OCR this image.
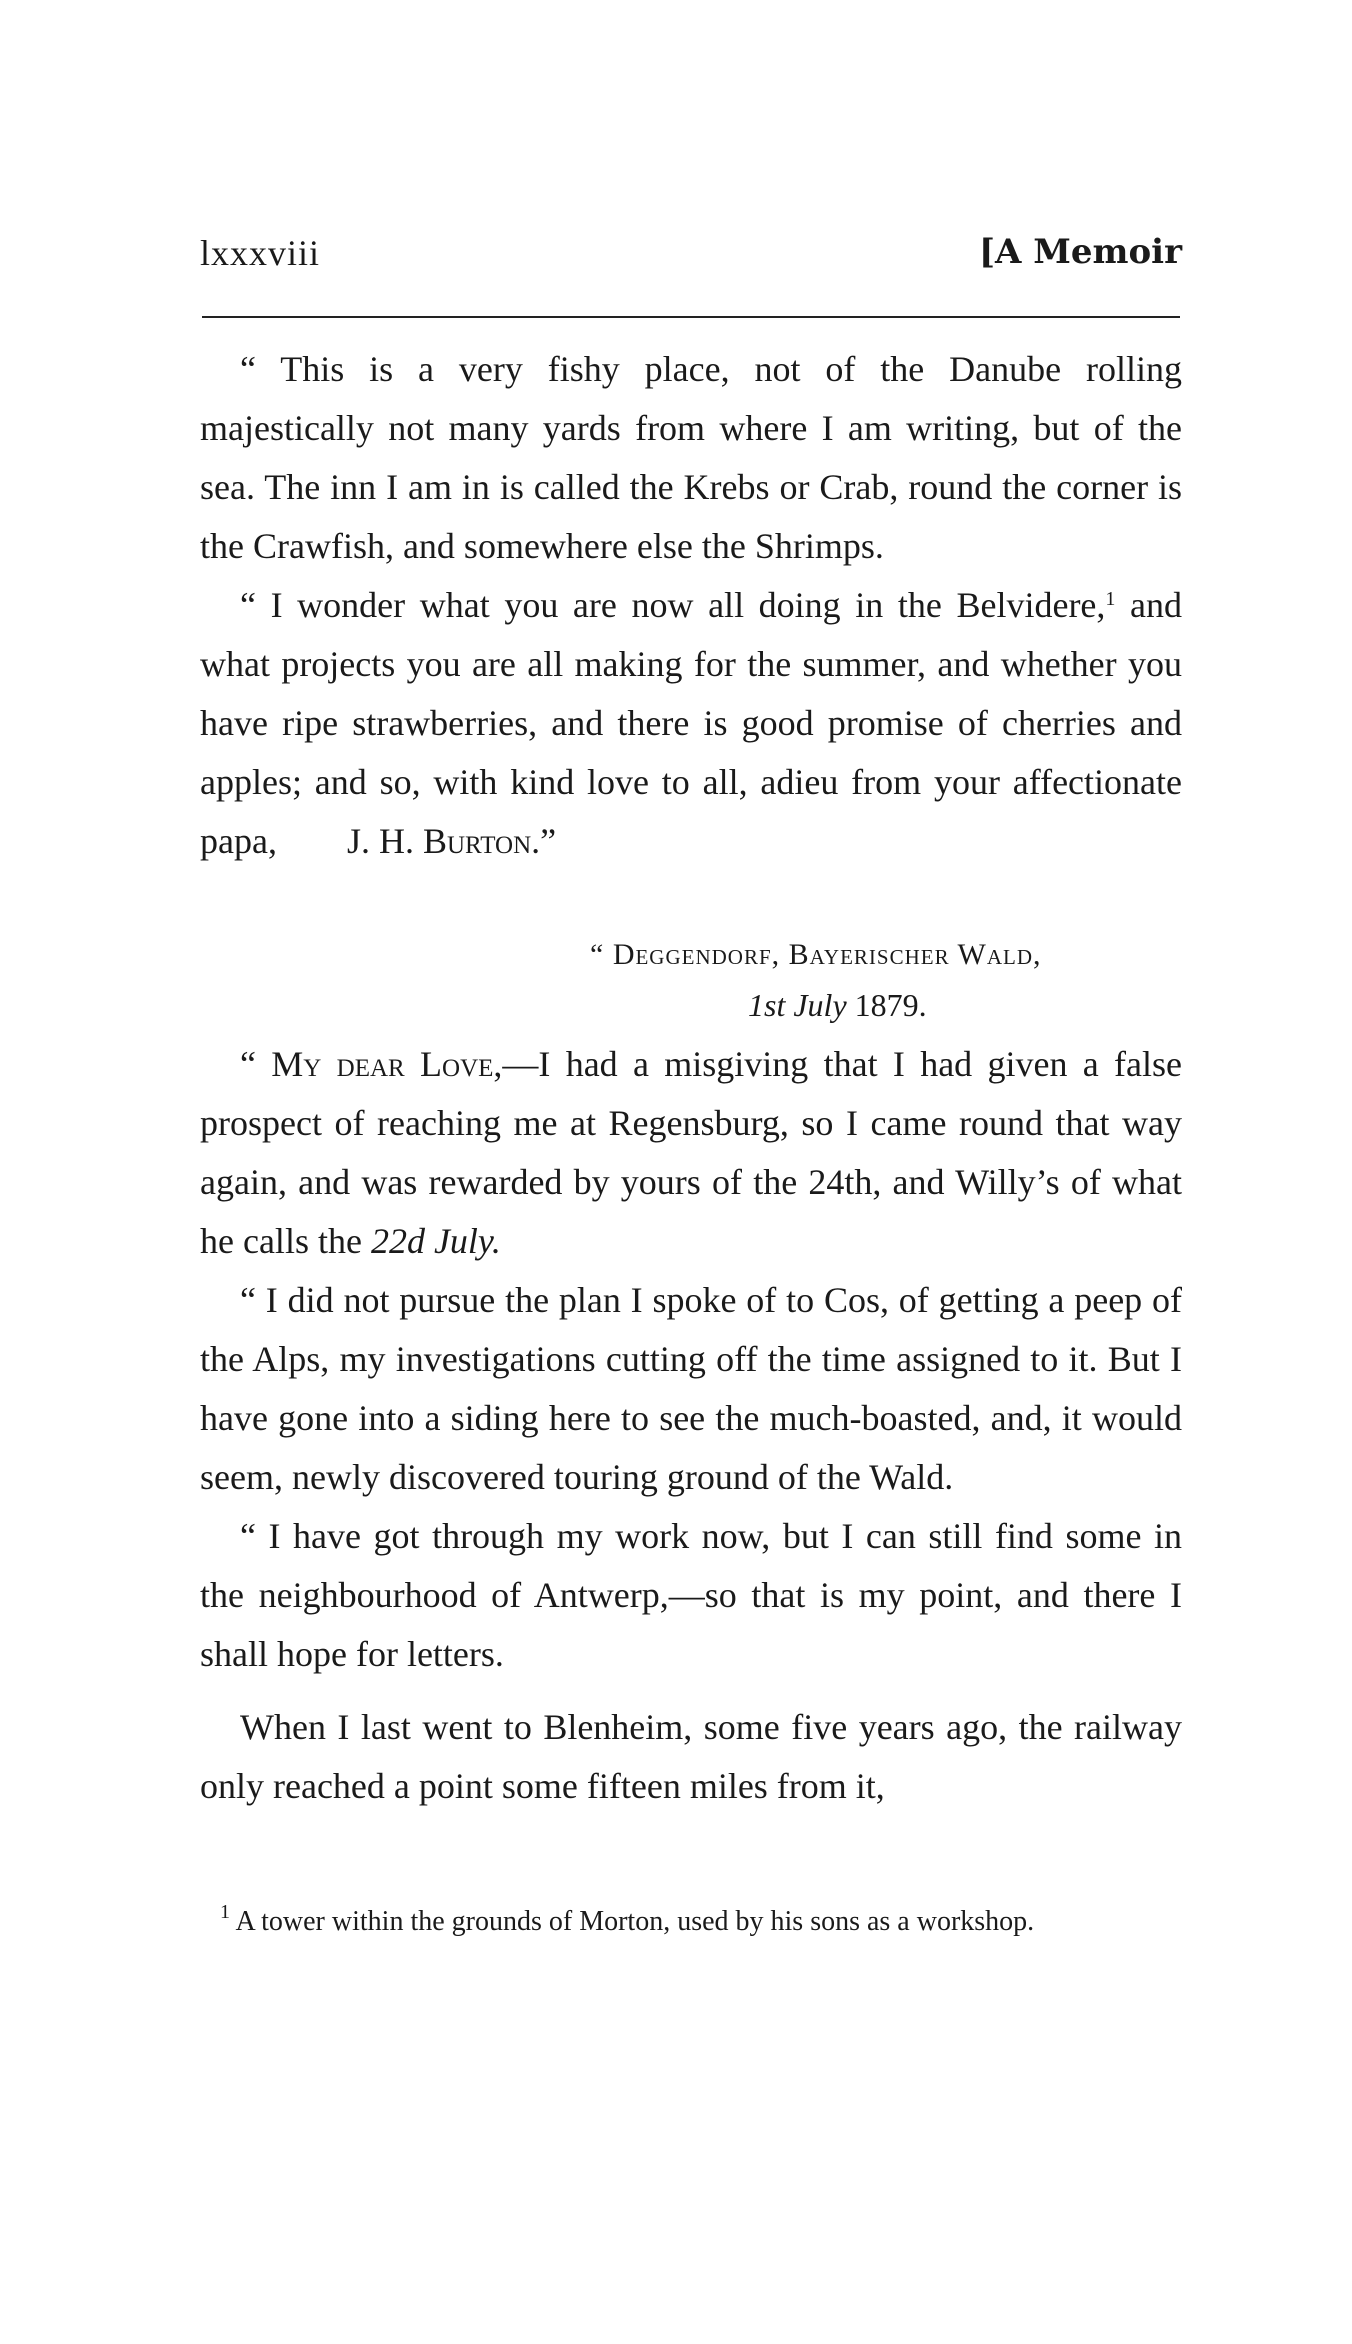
lxxxviii	[A Memoir

“ This is a very fishy place, not of the Danube rolling majestically not many yards from where I am writing, but of the sea. The inn I am in is called the Krebs or Crab, round the corner is the Crawfish, and somewhere else the Shrimps.

“ I wonder what you are now all doing in the Belvidere,$^1$ and what projects you are all making for the summer, and whether you have ripe strawberries, and there is good promise of cherries and apples; and so, with kind love to all, adieu from your affectionate papa, J. H. Burton.”

“ Deggendorf, Bayerischer Wald,

1st July 1879.

“ My dear Love,—I had a misgiving that I had given a false prospect of reaching me at Regensburg, so I came round that way again, and was rewarded by yours of the 24th, and Willy’s of what he calls the 22d July.

“ I did not pursue the plan I spoke of to Cos, of getting a peep of the Alps, my investigations cutting off the time assigned to it. But I have gone into a siding here to see the much-boasted, and, it would seem, newly discovered touring ground of the Wald.

“ I have got through my work now, but I can still find some in the neighbourhood of Antwerp,—so that is my point, and there I shall hope for letters.

When I last went to Blenheim, some five years ago, the railway only reached a point some fifteen miles from it,

$^1$ A tower within the grounds of Morton, used by his sons as a workshop.
